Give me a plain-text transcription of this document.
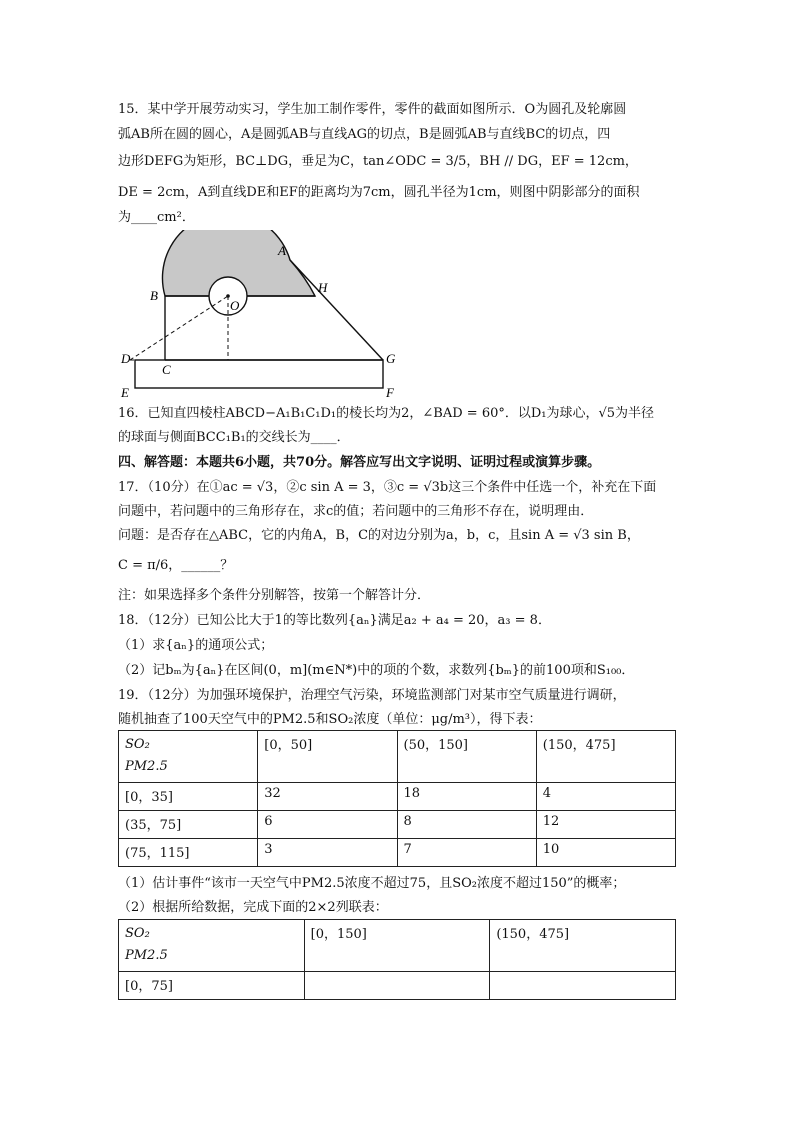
15．某中学开展劳动实习，学生加工制作零件，零件的截面如图所示．O为圆孔及轮廓圆
弧AB所在圆的圆心，A是圆弧AB与直线AG的切点，B是圆弧AB与直线BC的切点，四
边形DEFG为矩形，BC⊥DG，垂足为C，tan∠ODC = 3/5，BH // DG，EF = 12cm，
DE = 2cm，A到直线DE和EF的距离均为7cm，圆孔半径为1cm，则图中阴影部分的面积
为____cm²．
A
B
H
O
D
C
G
E	F
16．已知直四棱柱ABCD−A₁B₁C₁D₁的棱长均为2，∠BAD = 60°．以D₁为球心，√5为半径
的球面与侧面BCC₁B₁的交线长为____．
四、解答题：本题共6小题，共70分。解答应写出文字说明、证明过程或演算步骤。
17．（10分）在①ac = √3，②c sin A = 3，③c = √3b这三个条件中任选一个，补充在下面
问题中，若问题中的三角形存在，求c的值；若问题中的三角形不存在，说明理由．
问题：是否存在△ABC，它的内角A，B，C的对边分别为a，b，c，且sin A = √3 sin B，
C = π/6，______？
注：如果选择多个条件分别解答，按第一个解答计分．
18．（12分）已知公比大于1的等比数列{aₙ}满足a₂ + a₄ = 20，a₃ = 8．
（1）求{aₙ}的通项公式；
（2）记bₘ为{aₙ}在区间(0，m](m∈N*)中的项的个数，求数列{bₘ}的前100项和S₁₀₀．
19．（12分）为加强环境保护，治理空气污染，环境监测部门对某市空气质量进行调研，
随机抽查了100天空气中的PM2.5和SO₂浓度（单位：μg/m³），得下表：
SO₂
PM2.5	[0，50]	(50，150]	(150，475]
[0，35]	32	18	4
(35，75]	6	8	12
(75，115]	3	7	10
（1）估计事件“该市一天空气中PM2.5浓度不超过75，且SO₂浓度不超过150”的概率；
（2）根据所给数据，完成下面的2×2列联表：
SO₂
PM2.5	[0，150]	(150，475]
[0，75]		
